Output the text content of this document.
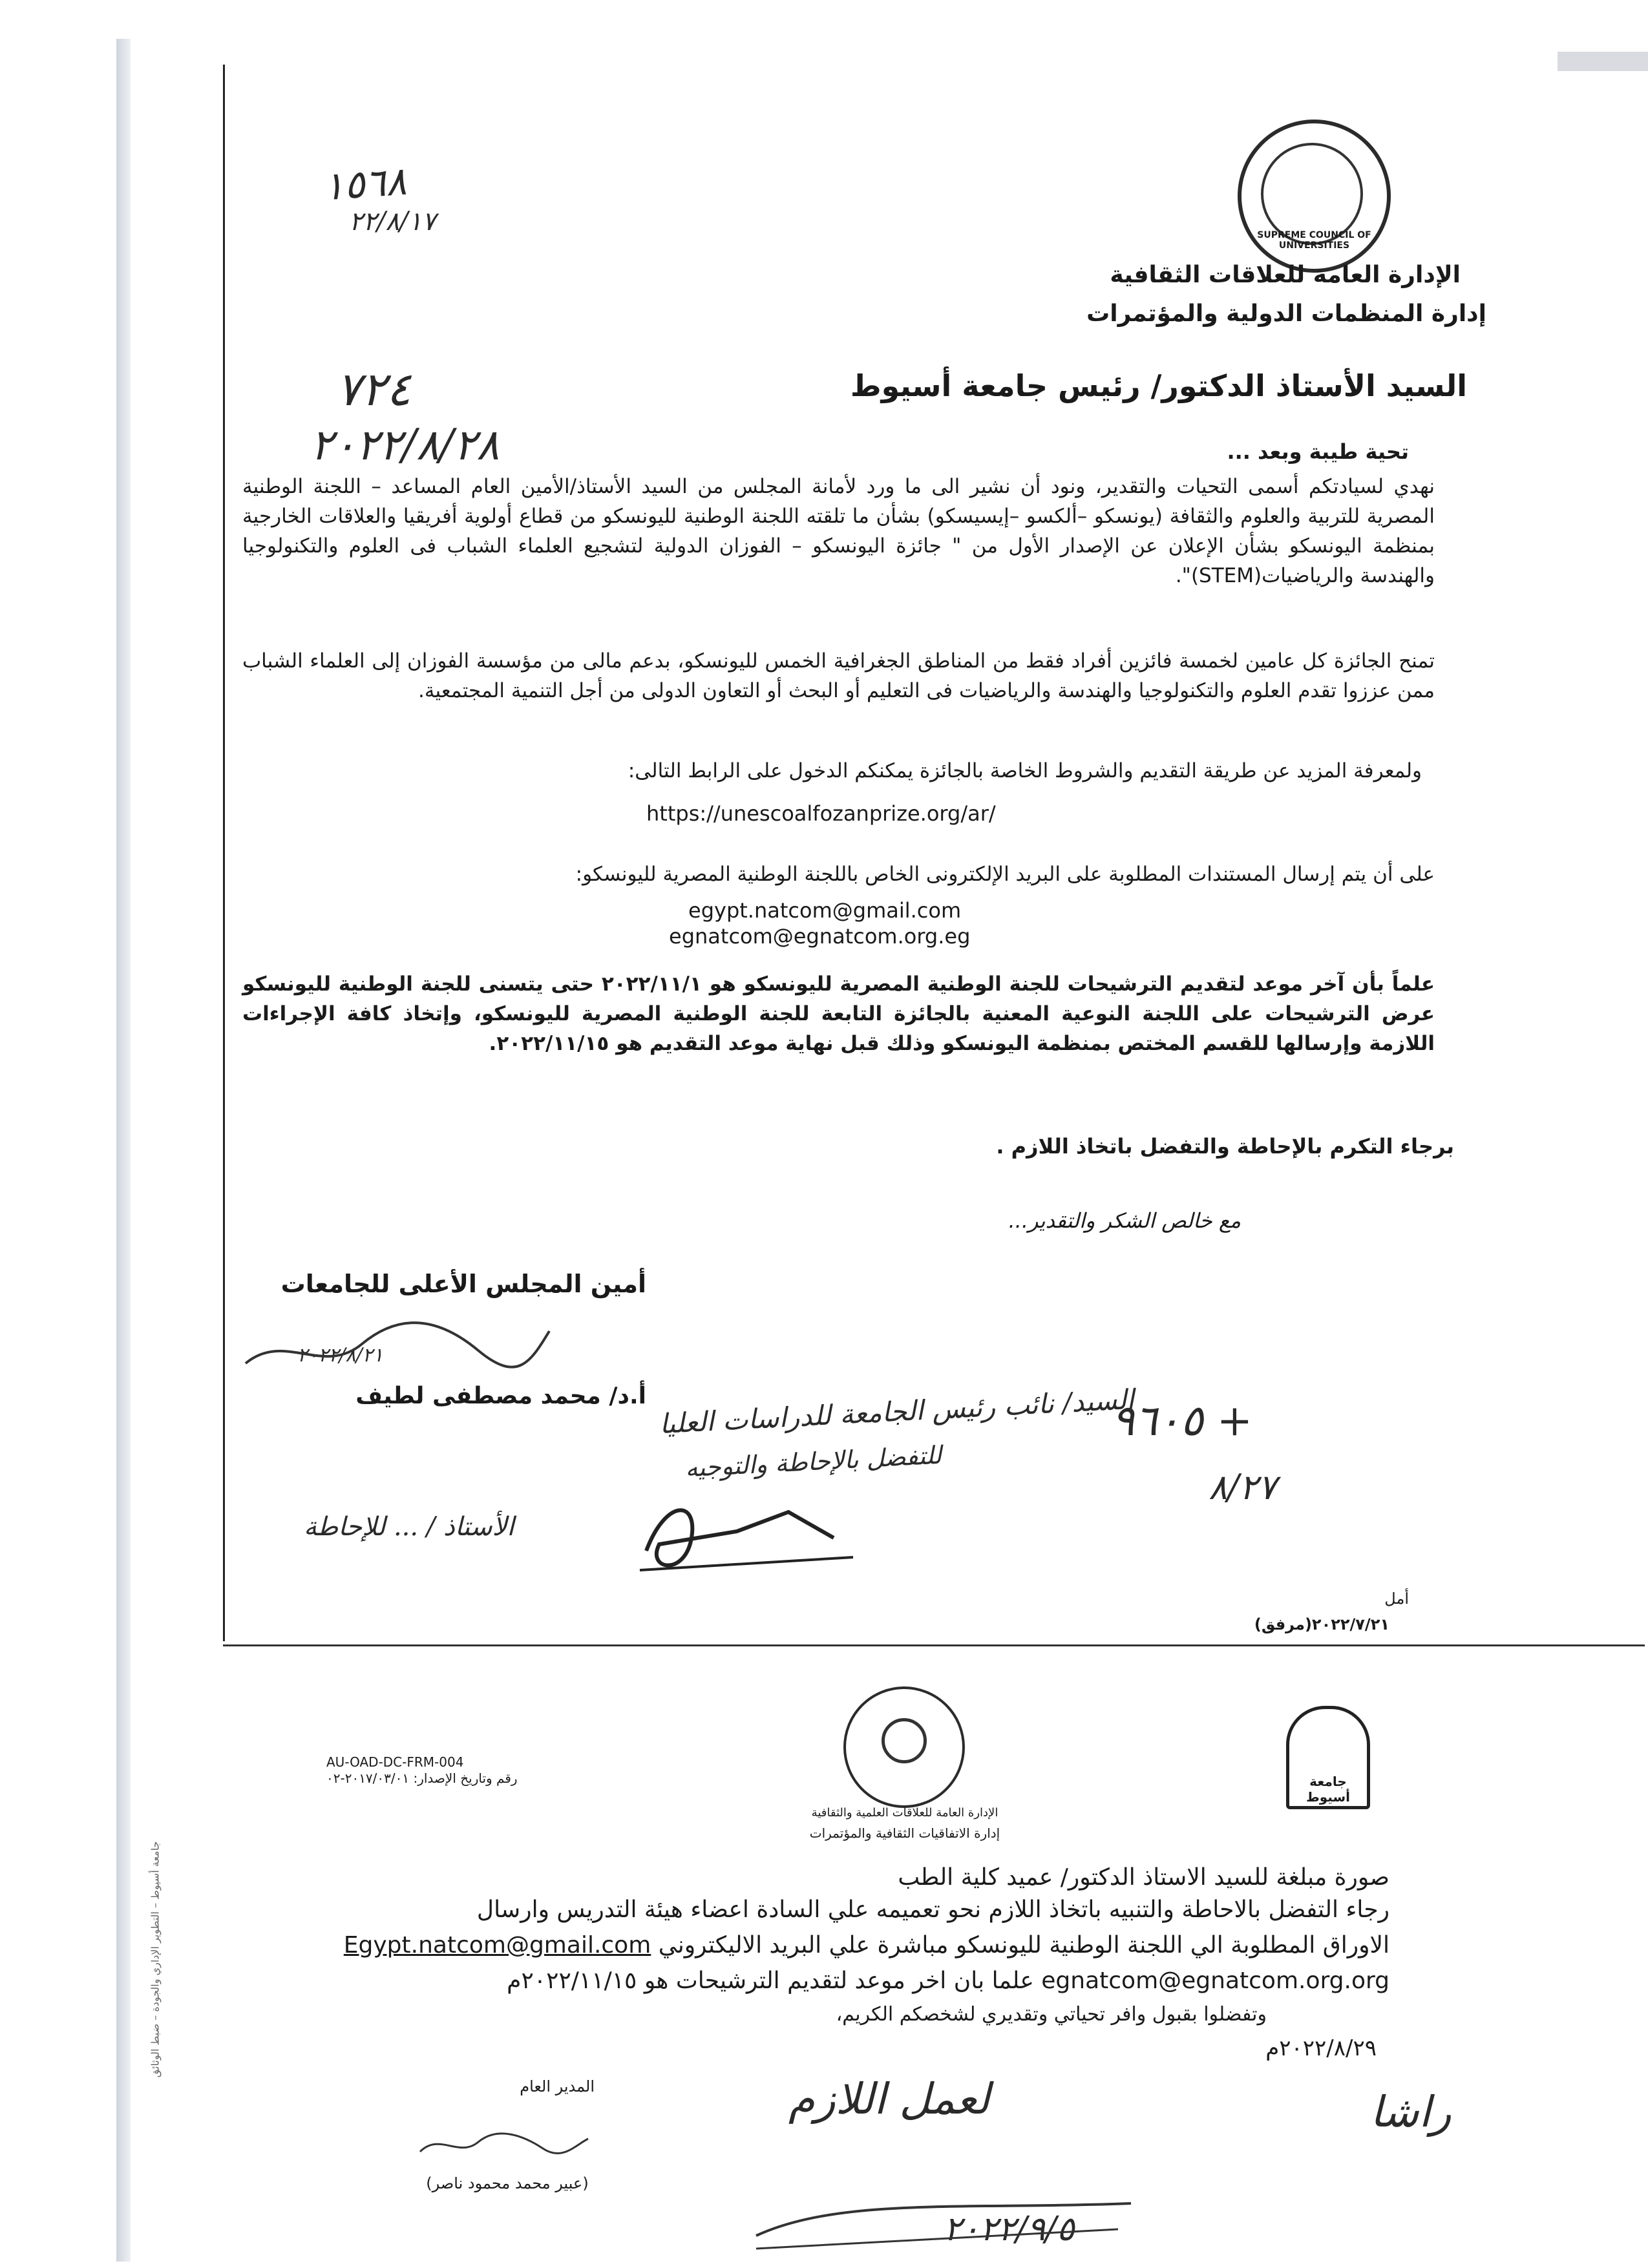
SUPREME COUNCIL OF UNIVERSITIES
الإدارة العامة للعلاقات الثقافية
إدارة المنظمات الدولية والمؤتمرات
١٥٦٨
٢٢/٨/١٧
٧٢٤
٢٠٢٢/٨/٢٨
السيد الأستاذ الدكتور/ رئيس جامعة أسيوط
تحية طيبة وبعد ...

نهدي لسيادتكم أسمى التحيات والتقدير، ونود أن نشير الى ما ورد لأمانة المجلس من السيد الأستاذ/الأمين العام المساعد – اللجنة الوطنية المصرية للتربية والعلوم والثقافة (يونسكو –ألكسو –إيسيسكو) بشأن ما تلقته اللجنة الوطنية لليونسكو من قطاع أولوية أفريقيا والعلاقات الخارجية بمنظمة اليونسكو بشأن الإعلان عن الإصدار الأول من " جائزة اليونسكو – الفوزان الدولية لتشجيع العلماء الشباب فى العلوم والتكنولوجيا والهندسة والرياضيات(STEM)".

تمنح الجائزة كل عامين لخمسة فائزين أفراد فقط من المناطق الجغرافية الخمس لليونسكو، بدعم مالى من مؤسسة الفوزان إلى العلماء الشباب ممن عززوا تقدم العلوم والتكنولوجيا والهندسة والرياضيات فى التعليم أو البحث أو التعاون الدولى من أجل التنمية المجتمعية.

ولمعرفة المزيد عن طريقة التقديم والشروط الخاصة بالجائزة يمكنكم الدخول على الرابط التالى:

https://unescoalfozanprize.org/ar/

على أن يتم إرسال المستندات المطلوبة على البريد الإلكترونى الخاص باللجنة الوطنية المصرية لليونسكو:

egypt.natcom@gmail.com
egnatcom@egnatcom.org.eg

علماً بأن آخر موعد لتقديم الترشيحات للجنة الوطنية المصرية لليونسكو هو ٢٠٢٢/١١/١ حتى يتسنى للجنة الوطنية لليونسكو عرض الترشيحات على اللجنة النوعية المعنية بالجائزة التابعة للجنة الوطنية المصرية لليونسكو، وإتخاذ كافة الإجراءات اللازمة وإرسالها للقسم المختص بمنظمة اليونسكو وذلك قبل نهاية موعد التقديم هو ٢٠٢٢/١١/١٥.

برجاء التكرم بالإحاطة والتفضل باتخاذ اللازم .
مع خالص الشكر والتقدير...
أمين المجلس الأعلى للجامعات
٢٠٢٢/٨/٢١
أ.د/ محمد مصطفى لطيف السيد/ نائب رئيس الجامعة للدراسات العليا
للتفضل بالإحاطة والتوجيه
٩٦٠٥ +
٨/٢٧
الأستاذ / ... للإحاطة
أمل
٢٠٢٢/٧/٢١(مرفق)
AU-OAD-DC-FRM-004
رقم وتاريخ الإصدار: ٢٠١٧/٠٣/٠١-٠٢
الإدارة العامة للعلاقات العلمية والثقافية
إدارة الاتفاقيات الثقافية والمؤتمرات
جامعة أسيوط
جامعة أسيوط – التطوير الإداري والجودة – ضبط الوثائق	صورة مبلغة للسيد الاستاذ الدكتور/ عميد كلية الطب
رجاء التفضل بالاحاطة والتنبيه باتخاذ اللازم نحو تعميمه علي السادة اعضاء هيئة التدريس وارسال
الاوراق المطلوبة الي اللجنة الوطنية لليونسكو مباشرة علي البريد الاليكتروني Egypt.natcom@gmail.com
egnatcom@egnatcom.org.org علما بان اخر موعد لتقديم الترشيحات هو ٢٠٢٢/١١/١٥م
وتفضلوا بقبول وافر تحياتي وتقديري لشخصكم الكريم،
٢٠٢٢/٨/٢٩م
لعمل اللازم	راشا
٢٠٢٢/٩/٥
المدير العام
(عبير محمد محمود ناصر)
